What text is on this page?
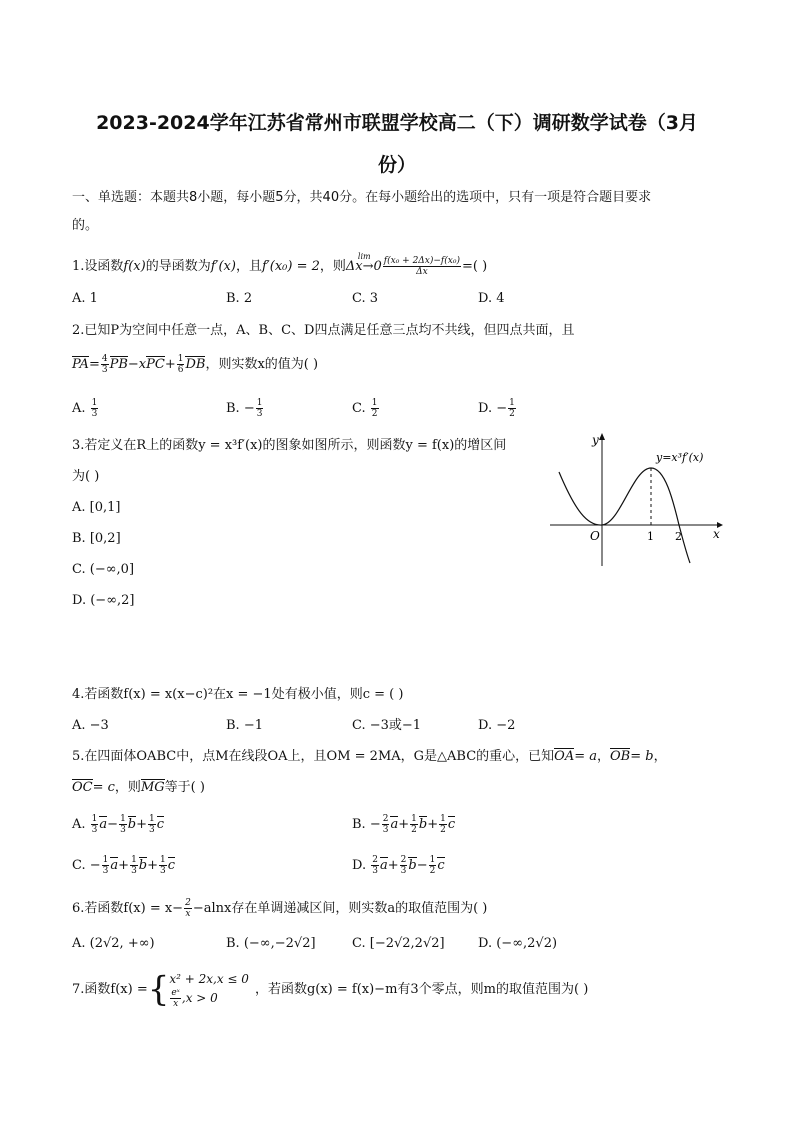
2023-2024学年江苏省常州市联盟学校高二（下）调研数学试卷（3月
份）
一、单选题：本题共8小题，每小题5分，共40分。在每小题给出的选项中，只有一项是符合题目要求
的。
1.设函数f(x)的导函数为f′(x)，且f′(x₀) = 2，则
lim
$\Delta x\to 0 \frac{\text{f(x₀ + 2Δx)−f(x₀)}}{\Delta x}$ =( )
A. 1	B. 2	C. 3	D. 4
2.已知P为空间中任意一点，A、B、C、D四点满足任意三点均不共线，但四点共面，且
$PA= \frac{4}{3} PB-xPC+ \frac{1}{6}$ DB，则实数x的值为( )
A. $\frac{1}{3}$	B. − $\frac{1}{3}$	C. $\frac{1}{2}$	D. − $\frac{1}{2}$
3.若定义在R上的函数y = x³f′(x)的图象如图所示，则函数y = f(x)的增区间
为( )
A. [0,1]
B. [0,2]
C. (−∞,0]
D. (−∞,2]
y
x
O	1 2
y=x³f′(x)
4.若函数f(x) = x(x−c)²在x = −1处有极小值，则c = ( )
A. −3	B. −1	C. −3或−1	D. −2
5.在四面体OABC中，点M在线段OA上，且OM = 2MA，G是△ABC的重心，已知OA= a，OB= b，
OC= c，则MG等于( )
A. $\frac{1}{3} a- \frac{1}{3} b+ \frac{1}{3}$ c	B. − $\frac{2}{3} a+ \frac{1}{2} b+ \frac{1}{2}$ c
C. − $\frac{1}{3} a+ \frac{1}{3} b+ \frac{1}{3}$ c	D. $\frac{2}{3} a+ \frac{2}{3} b- \frac{1}{2}$ c
6.若函数$f(x) = x- \frac{2}{x} -alnx$存在单调递减区间，则实数a的取值范围为( )
A. (2√2, +∞)	B. (−∞,−2√2]	C. [−2√2,2√2]	D. (−∞,2√2)
7.函数f(x) ={ x² + 2x,x ≤ 0
$\frac{\text{eˣ}}{x} ,x > 0$
，若函数g(x) = f(x)−m有3个零点，则m的取值范围为( )
